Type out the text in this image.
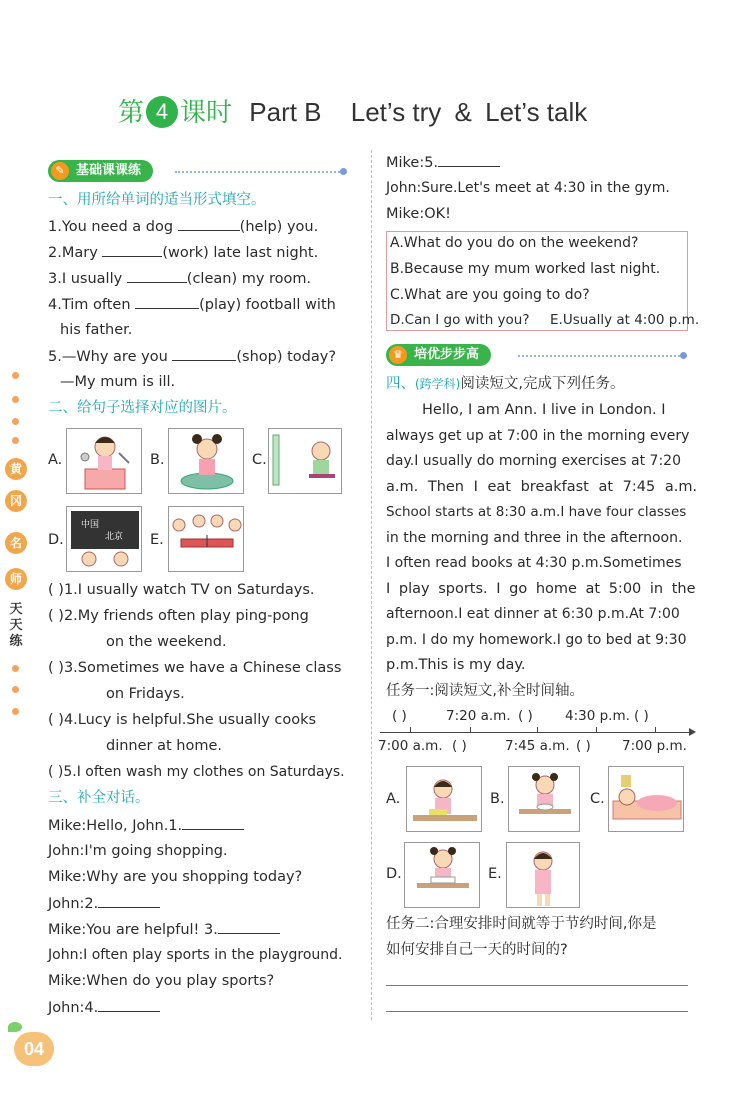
第 4 课时 Part B Let’s try & Let’s talk
黄
冈
名
师
天
天
练
✎ 基础课课练
一、用所给单词的适当形式填空。
1.You need a dog	(help) you.
2.Mary	(work) late last night.
3.I usually	(clean) my room.
4.Tim often	(play) football with
his father.
5.—Why are you	(shop) today?
—My mum is ill.
二、给句子选择对应的图片。
A.	B.	C.
D.
中国
北京 E.
( )1.I usually watch TV on Saturdays.
( )2.My friends often play ping-pong
on the weekend.
( )3.Sometimes we have a Chinese class
on Fridays.
( )4.Lucy is helpful.She usually cooks
dinner at home.
( )5.I often wash my clothes on Saturdays.
三、补全对话。
Mike:Hello, John.1.
John:I'm going shopping.
Mike:Why are you shopping today?
John:2.
Mike:You are helpful! 3.
John:I often play sports in the playground.
Mike:When do you play sports?
John:4.
Mike:5.
John:Sure.Let's meet at 4:30 in the gym.
Mike:OK!
A.What do you do on the weekend?
B.Because my mum worked last night.
C.What are you going to do?
D.Can I go with you? E.Usually at 4:00 p.m.
♛ 培优步步高
四、(跨学科)阅读短文,完成下列任务。
Hello, I am Ann. I live in London. I
always get up at 7:00 in the morning every
day.I usually do morning exercises at 7:20
a.m. Then I eat breakfast at 7:45 a.m.
School starts at 8:30 a.m.I have four classes
in the morning and three in the afternoon.
I often read books at 4:30 p.m.Sometimes
I play sports. I go home at 5:00 in the
afternoon.I eat dinner at 6:30 p.m.At 7:00
p.m. I do my homework.I go to bed at 9:30
p.m.This is my day.
任务一:阅读短文,补全时间轴。
( )	7:20 a.m. ( ) 4:30 p.m. ( )
7:00 a.m. ( )	7:45 a.m. ( ) 7:00 p.m.
A.	B.	C.
D.	E.
任务二:合理安排时间就等于节约时间,你是
如何安排自己一天的时间的?
04
